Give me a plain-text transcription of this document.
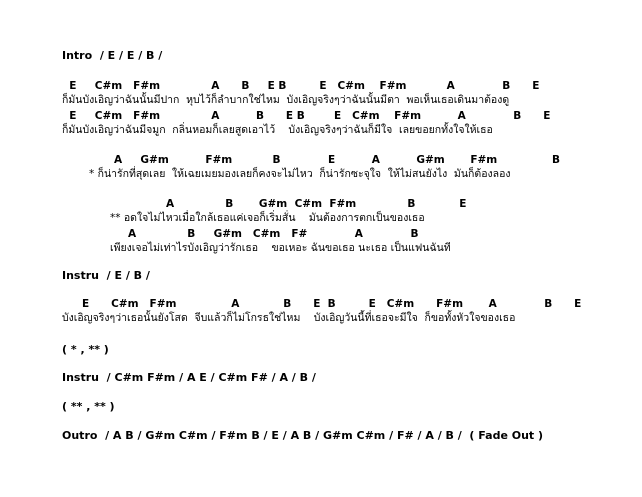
Intro  / E / E / B /
E     C#m   F#m              A      B     E B         E   C#m    F#m           A             B      E
ก็มันบังเอิญว่าฉันนั้นมีปาก  หุบไว้ก็ลำบากใช่ไหม  บังเอิญจริงๆว่าฉันนั้นมีตา  พอเห็นเธอเดินมาต้องดู
E     C#m   F#m              A          B      E B        E   C#m    F#m          A             B      E
ก็มันบังเอิญว่าฉันมีจมูก  กลิ่นหอมก็เลยสูดเอาไว้    บังเอิญจริงๆว่าฉันก็มีใจ  เลยขอยกทั้งใจให้เธอ
A     G#m          F#m           B             E          A          G#m       F#m               B
* ก็น่ารักที่สุดเลย  ให้เฉยเมยมองเลยก็คงจะไม่ไหว  ก็น่ารักซะจุใจ  ให้ไม่สนยังไง  มันก็ต้องลอง
A              B       G#m  C#m  F#m              B            E
** อดใจไม่ไหวเมื่อใกล้เธอแค่เจอก็เริ่มสั่น    มันต้องการตกเป็นของเธอ
A              B     G#m   C#m   F#             A             B
เพียงเจอไม่เท่าไรบังเอิญว่ารักเธอ    ขอเหอะ ฉันขอเธอ นะเธอ เป็นแฟนฉันที
Instru  / E / B /
E      C#m   F#m               A            B      E  B         E   C#m      F#m       A             B      E
บังเอิญจริงๆว่าเธอนั้นยังโสด  จีบแล้วก็ไม่โกรธใช่ไหม    บังเอิญวันนี้ที่เธอจะมีใจ  ก็ขอทั้งหัวใจของเธอ
( * , ** )
Instru  / C#m F#m / A E / C#m F# / A / B /
( ** , ** )
Outro  / A B / G#m C#m / F#m B / E / A B / G#m C#m / F# / A / B /  ( Fade Out )
